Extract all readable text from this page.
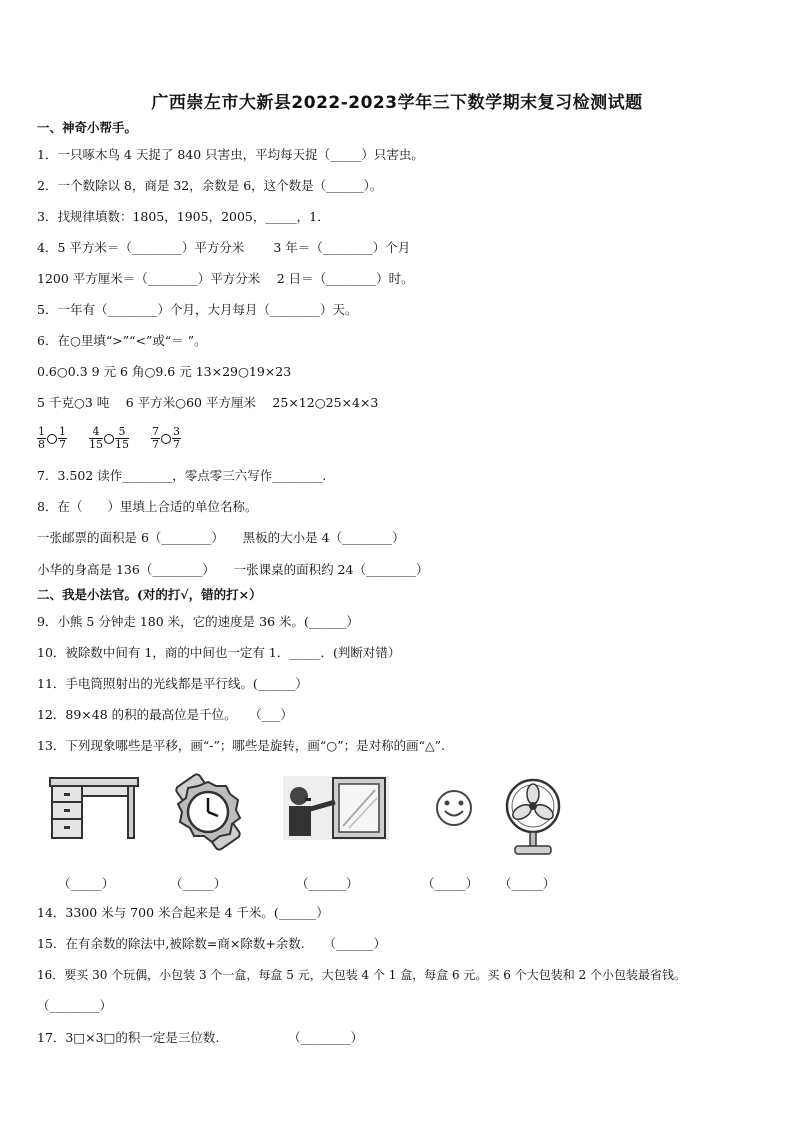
广西崇左市大新县2022-2023学年三下数学期末复习检测试题
一、神奇小帮手。
1．一只啄木鸟 4 天捉了 840 只害虫，平均每天捉（_____）只害虫。
2．一个数除以 8，商是 32，余数是 6，这个数是（______）。
3．找规律填数：1805，1905，2005，_____，1．
4．5 平方米＝（________）平方分米　　 3 年＝（________）个月
1200 平方厘米＝（________）平方分米　 2 日＝（________）时。
5．一年有（________）个月，大月每月（________）天。
6．在○里填“>”“<”或“＝ ”。
0.6○0.3 9 元 6 角○9.6 元 13×29○19×23
5 千克○3 吨　 6 平方米○60 平方厘米　 25×12○25×4×3
$\frac{1}{8} \frac{1}{7}$
$\frac{4}{15} \frac{5}{15}$
$\frac{7}{7} \frac{3}{7}$
7．3.502 读作________，零点零三六写作________.
8．在（　　）里填上合适的单位名称。
一张邮票的面积是 6（________）　　黑板的大小是 4（________）
小华的身高是 136（________）　　一张课桌的面积约 24（________）
二、我是小法官。(对的打√，错的打×）
9．小熊 5 分钟走 180 米，它的速度是 36 米。(______）
10．被除数中间有 1，商的中间也一定有 1．_____．(判断对错）
11．手电筒照射出的光线都是平行线。(______）
12．89×48 的积的最高位是千位。　　（___）
13．下列现象哪些是平移，画“-”；哪些是旋转，画“○”；是对称的画“△”.
（_____）	（_____）	（______）	（_____） （_____）
14．3300 米与 700 米合起来是 4 千米。(______）
15．在有余数的除法中,被除数=商×除数+余数.　　（______）
16．要买 30 个玩偶，小包装 3 个一盒，每盒 5 元，大包装 4 个 1 盒，每盒 6 元。买 6 个大包装和 2 个小包装最省钱。
（________）
17．3□×3□的积一定是三位数.　　　　　　（________）
